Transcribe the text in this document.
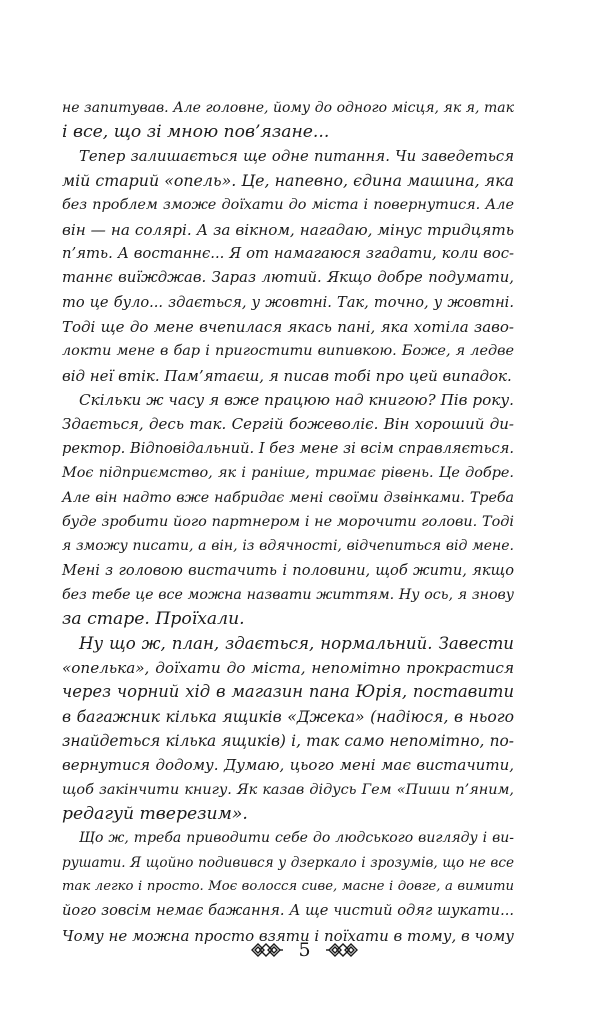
не запитував. Але головне, йому до одного місця, як я, так
і все, що зі мною пов’язане...
Тепер залишається ще одне питання. Чи заведеться
мій старий «опель». Це, напевно, єдина машина, яка
без проблем зможе доїхати до міста і повернутися. Але
він — на солярі. А за вікном, нагадаю, мінус тридцять
п’ять. А востаннє... Я от намагаюся згадати, коли вос-
таннє виїжджав. Зараз лютий. Якщо добре подумати,
то це було... здається, у жовтні. Так, точно, у жовтні.
Тоді ще до мене вчепилася якась пані, яка хотіла заво-
локти мене в бар і пригостити випивкою. Боже, я ледве
від неї втік. Пам’ятаєш, я писав тобі про цей випадок.
Скільки ж часу я вже працюю над книгою? Пів року.
Здається, десь так. Сергій божеволіє. Він хороший ди-
ректор. Відповідальний. І без мене зі всім справляється.
Моє підприємство, як і раніше, тримає рівень. Це добре.
Але він надто вже набридає мені своїми дзвінками. Треба
буде зробити його партнером і не морочити голови. Тоді
я зможу писати, а він, із вдячності, відчепиться від мене.
Мені з головою вистачить і половини, щоб жити, якщо
без тебе це все можна назвати життям. Ну ось, я знову
за старе. Проїхали.
Ну що ж, план, здається, нормальний. Завести
«опелька», доїхати до міста, непомітно прокрастися
через чорний хід в магазин пана Юрія, поставити
в багажник кілька ящиків «Джека» (надіюся, в нього
знайдеться кілька ящиків) і, так само непомітно, по-
вернутися додому. Думаю, цього мені має вистачити,
щоб закінчити книгу. Як казав дідусь Гем «Пиши п’яним,
редагуй тверезим».
Що ж, треба приводити себе до людського вигляду і ви-
рушати. Я щойно подивився у дзеркало і зрозумів, що не все
так легко і просто. Моє волосся сиве, масне і довге, а вимити
його зовсім немає бажання. А ще чистий одяг шукати...
Чому не можна просто взяти і поїхати в тому, в чому
5
